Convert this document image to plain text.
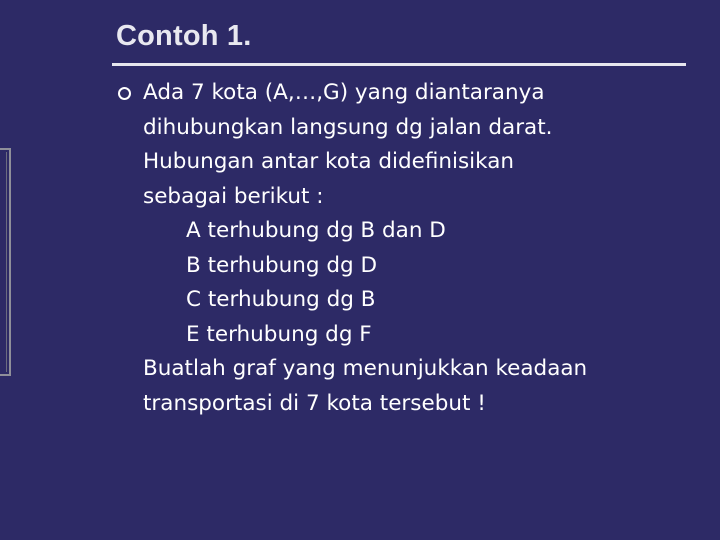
Contoh 1.
Ada 7 kota (A,…,G) yang diantaranya
dihubungkan langsung dg jalan darat.
Hubungan antar kota didefinisikan
sebagai berikut :
A terhubung dg B dan D
B terhubung dg D
C terhubung dg B
E terhubung dg F
Buatlah graf yang menunjukkan keadaan
transportasi di 7 kota tersebut !
